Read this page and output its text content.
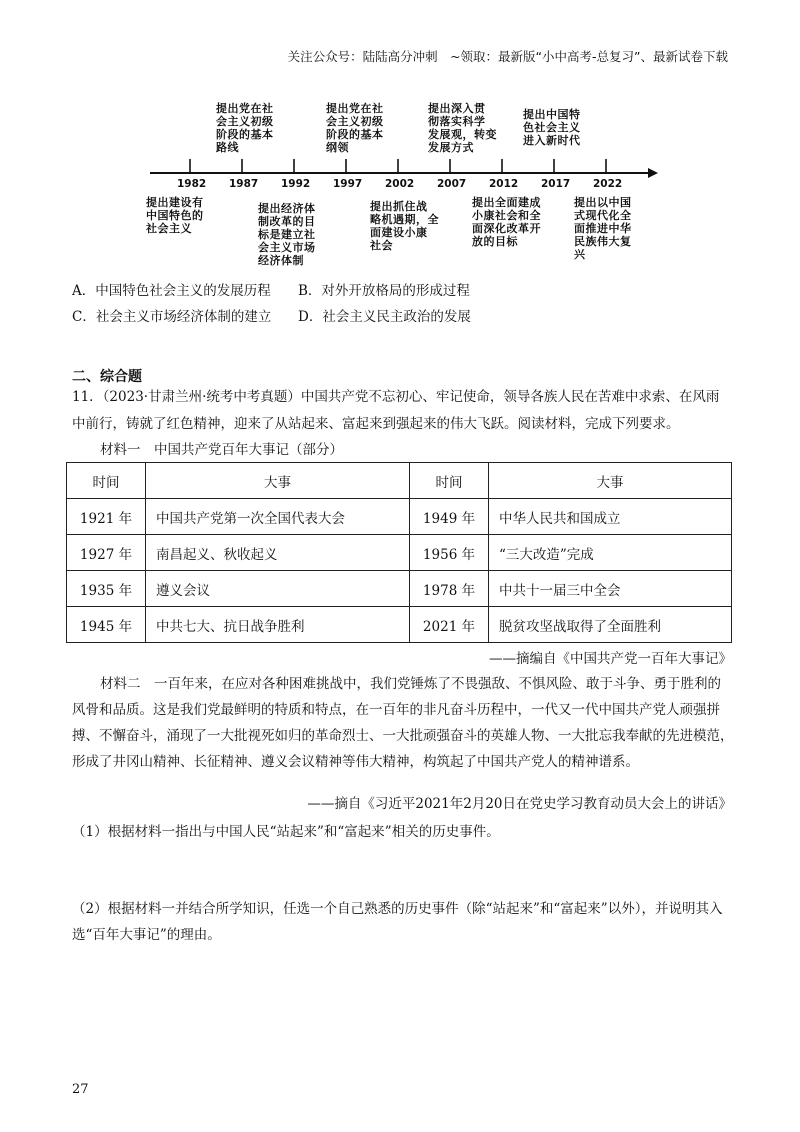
关注公众号：陆陆高分冲刺　~领取：最新版“小中高考-总复习”、最新试卷下载
1982 1987 1992 1997 2002 2007 2012 2017 2022
提出党在社
会主义初级
阶段的基本
路线
提出党在社
会主义初级
阶段的基本
纲领
提出深入贯
彻落实科学
发展观，转变
发展方式
提出中国特
色社会主义
进入新时代
提出建设有
中国特色的
社会主义
提出经济体
制改革的目
标是建立社
会主义市场
经济体制
提出抓住战
略机遇期，全
面建设小康
社会
提出全面建成
小康社会和全
面深化改革开
放的目标
提出以中国
式现代化全
面推进中华
民族伟大复
兴
A．中国特色社会主义的发展历程 B．对外开放格局的形成过程
C．社会主义市场经济体制的建立 D．社会主义民主政治的发展
二、综合题
11．（2023·甘肃兰州·统考中考真题）中国共产党不忘初心、牢记使命，领导各族人民在苦难中求索、在风雨中前行，铸就了红色精神，迎来了从站起来、富起来到强起来的伟大飞跃。阅读材料，完成下列要求。
材料一　中国共产党百年大事记（部分）
时间	大事	时间	大事
1921 年	中国共产党第一次全国代表大会	1949 年	中华人民共和国成立
1927 年	南昌起义、秋收起义	1956 年	“三大改造”完成
1935 年	遵义会议	1978 年	中共十一届三中全会
1945 年	中共七大、抗日战争胜利	2021 年	脱贫攻坚战取得了全面胜利
——摘编自《中国共产党一百年大事记》
材料二　一百年来，在应对各种困难挑战中，我们党锤炼了不畏强敌、不惧风险、敢于斗争、勇于胜利的风骨和品质。这是我们党最鲜明的特质和特点，在一百年的非凡奋斗历程中，一代又一代中国共产党人顽强拼搏、不懈奋斗，涌现了一大批视死如归的革命烈士、一大批顽强奋斗的英雄人物、一大批忘我奉献的先进模范，形成了井冈山精神、长征精神、遵义会议精神等伟大精神，构筑起了中国共产党人的精神谱系。
——摘自《习近平2021年2月20日在党史学习教育动员大会上的讲话》
（1）根据材料一指出与中国人民“站起来”和“富起来”相关的历史事件。
（2）根据材料一并结合所学知识，任选一个自己熟悉的历史事件（除“站起来”和“富起来”以外），并说明其入选“百年大事记”的理由。
27
